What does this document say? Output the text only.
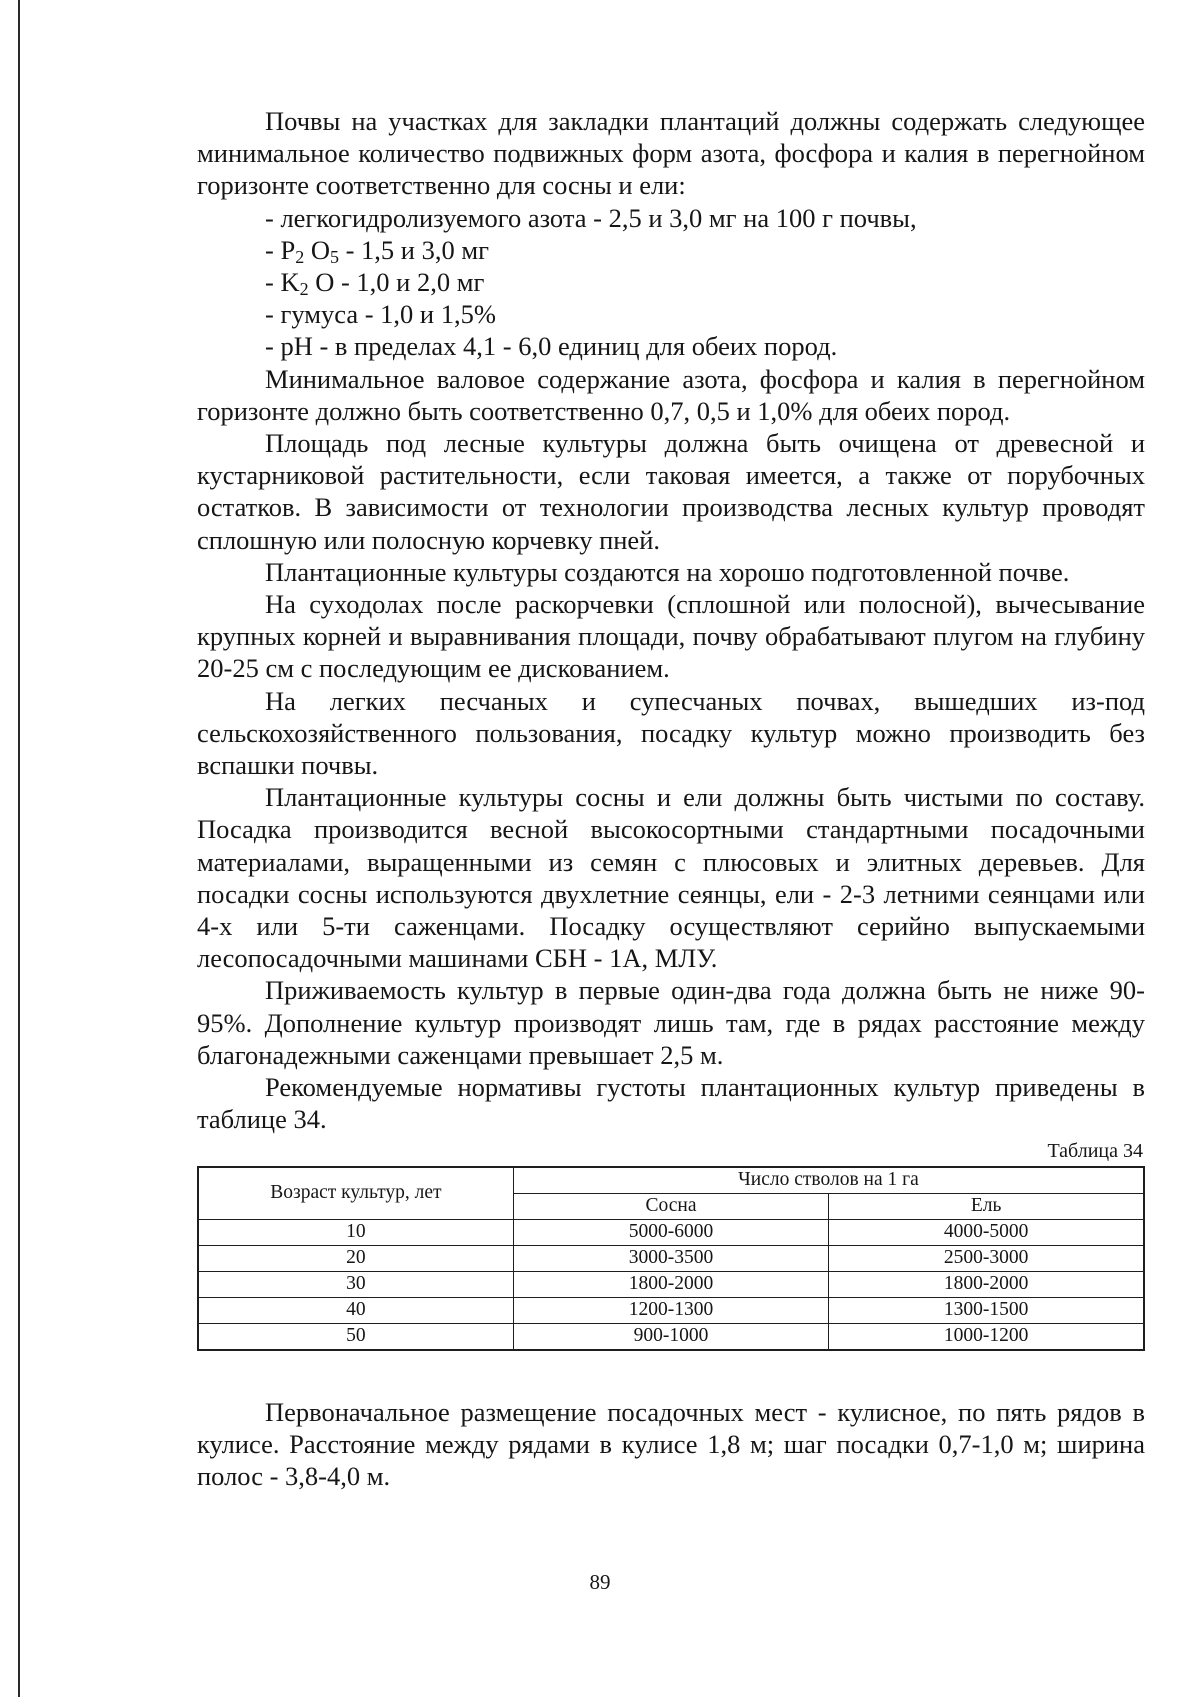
Почвы на участках для закладки плантаций должны содержать следующее минимальное количество подвижных форм азота, фосфора и калия в перегнойном горизонте соответственно для сосны и ели:

- легкогидролизуемого азота - 2,5 и 3,0 мг на 100 г почвы,

- $P_2$ $O_5 - 1,5$ и 3,0 мг

- $K_2$ O - 1,0 и 2,0 мг

- гумуса - 1,0 и 1,5%

- pH - в пределах 4,1 - 6,0 единиц для обеих пород.

Минимальное валовое содержание азота, фосфора и калия в перегнойном горизонте должно быть соответственно 0,7, 0,5 и 1,0% для обеих пород.

Площадь под лесные культуры должна быть очищена от древесной и кустарниковой растительности, если таковая имеется, а также от порубочных остатков. В зависимости от технологии производства лесных культур проводят сплошную или полосную корчевку пней.

Плантационные культуры создаются на хорошо подготовленной почве.

На суходолах после раскорчевки (сплошной или полосной), вычесывание крупных корней и выравнивания площади, почву обрабатывают плугом на глубину 20-25 см с последующим ее дискованием.

На легких песчаных и супесчаных почвах, вышедших из-под сельскохозяйственного пользования, посадку культур можно производить без вспашки почвы.

Плантационные культуры сосны и ели должны быть чистыми по составу. Посадка производится весной высокосортными стандартными посадочными материалами, выращенными из семян с плюсовых и элитных деревьев. Для посадки сосны используются двухлетние сеянцы, ели - 2-3 летними сеянцами или 4-х или 5-ти саженцами. Посадку осуществляют серийно выпускаемыми лесопосадочными машинами СБН - 1А, МЛУ.

Приживаемость культур в первые один-два года должна быть не ниже 90-95%. Дополнение культур производят лишь там, где в рядах расстояние между благонадежными саженцами превышает 2,5 м.

Рекомендуемые нормативы густоты плантационных культур приведены в таблице 34.

Таблица 34
Возраст культур, лет	Число стволов на 1 га	
	Сосна	Ель
10	5000-6000	4000-5000
20	3000-3500	2500-3000
30	1800-2000	1800-2000
40	1200-1300	1300-1500
50	900-1000	1000-1200

Первоначальное размещение посадочных мест - кулисное, по пять рядов в кулисе. Расстояние между рядами в кулисе 1,8 м; шаг посадки 0,7-1,0 м; ширина полос - 3,8-4,0 м.

89
